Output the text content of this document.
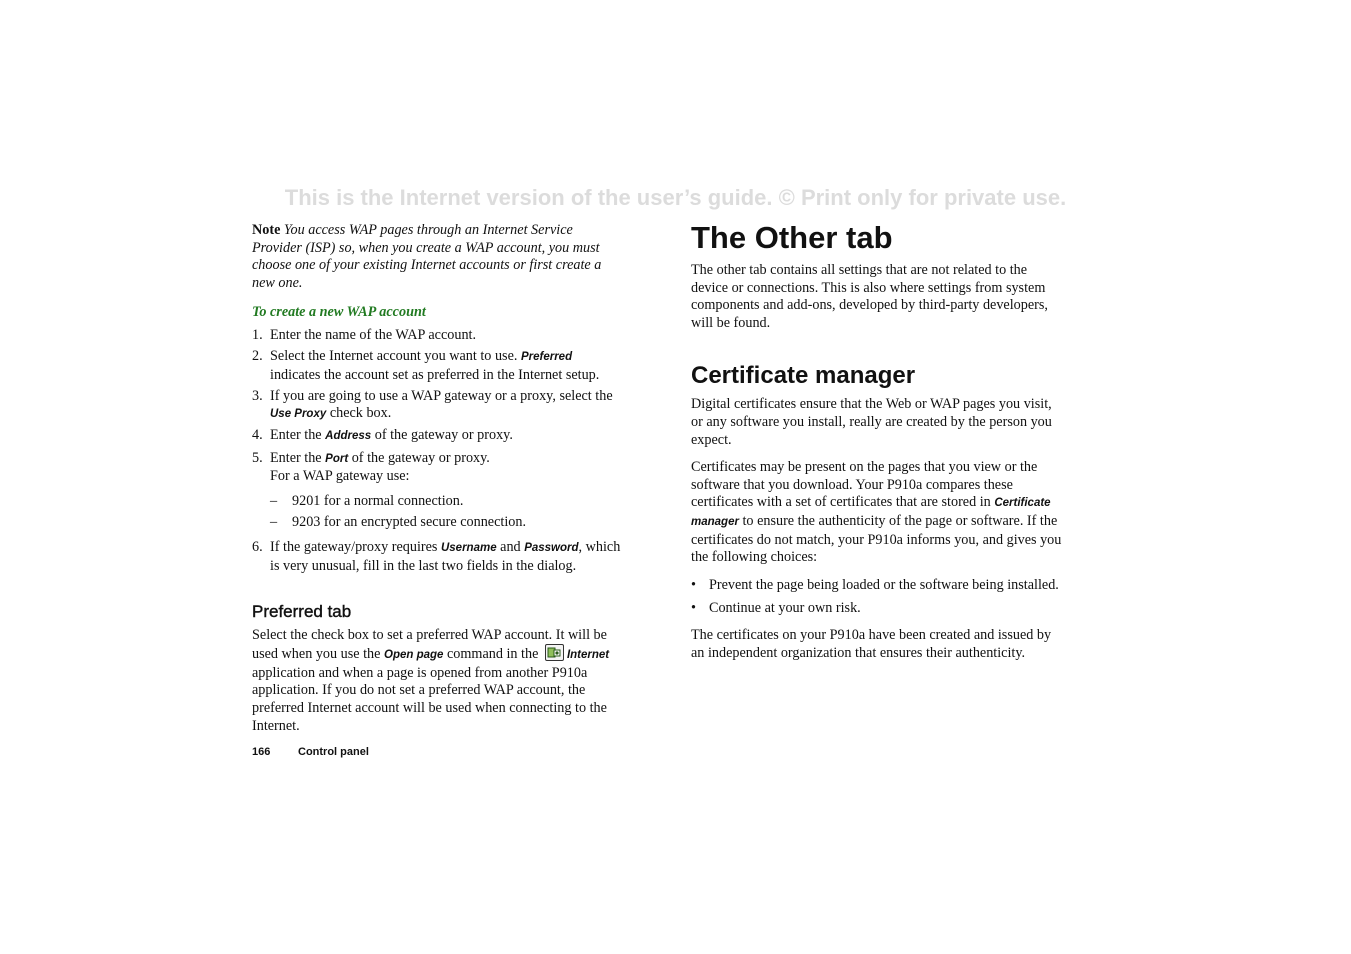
This is the Internet version of the user’s guide. © Print only for private use.

Note You access WAP pages through an Internet Service Provider (ISP) so, when you create a WAP account, you must choose one of your existing Internet accounts or first create a new one.

To create a new WAP account

1. Enter the name of the WAP account.
2. Select the Internet account you want to use. Preferred indicates the account set as preferred in the Internet setup.
3. If you are going to use a WAP gateway or a proxy, select the Use Proxy check box.
4. Enter the Address of the gateway or proxy.
5. Enter the Port of the gateway or proxy.
For a WAP gateway use:
– 9201 for a normal connection.
– 9203 for an encrypted secure connection.
6. If the gateway/proxy requires Username and Password, which is very unusual, fill in the last two fields in the dialog.
Preferred tab

Select the check box to set a preferred WAP account. It will be used when you use the Open page command in the
Internet application and when a page is opened from another P910a application. If you do not set a preferred WAP account, the preferred Internet account will be used when connecting to the Internet.

The Other tab

The other tab contains all settings that are not related to the device or connections. This is also where settings from system components and add-ons, developed by third-party developers, will be found.

Certificate manager

Digital certificates ensure that the Web or WAP pages you visit, or any software you install, really are created by the person you expect.

Certificates may be present on the pages that you view or the software that you download. Your P910a compares these certificates with a set of certificates that are stored in Certificate manager to ensure the authenticity of the page or software. If the certificates do not match, your P910a informs you, and gives you the following choices:

• Prevent the page being loaded or the software being installed.
• Continue at your own risk.

The certificates on your P910a have been created and issued by an independent organization that ensures their authenticity.

166	Control panel
